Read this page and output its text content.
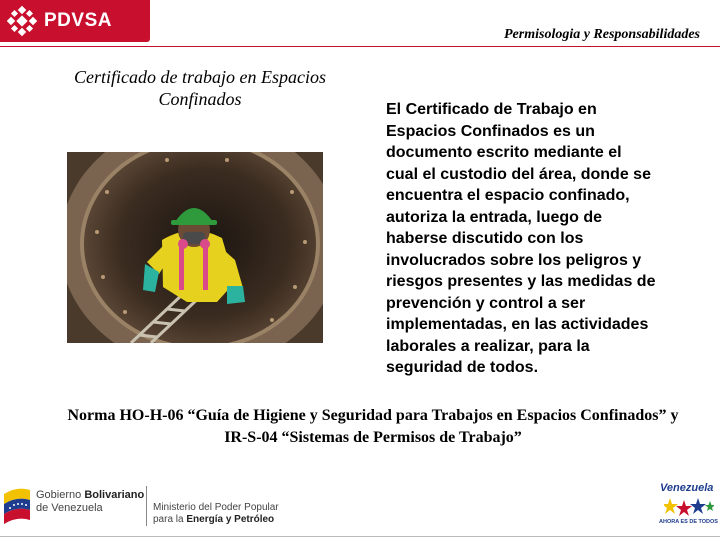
PDVSA
Permisologia y Responsabilidades
Certificado de trabajo en Espacios Confinados
El Certificado de Trabajo en Espacios Confinados es un documento escrito mediante el cual el custodio del área, donde se encuentra el espacio confinado, autoriza la entrada, luego de haberse discutido con los involucrados sobre los peligros y riesgos presentes y las medidas de prevención y control a ser implementadas, en las actividades laborales a realizar, para la seguridad de todos.
Norma HO-H-06 “Guía de Higiene y Seguridad para Trabajos en Espacios Confinados” y IR-S-04 “Sistemas de Permisos de Trabajo”
Gobierno Bolivariano
de Venezuela	Ministerio del Poder Popular
para la Energía y Petróleo
Venezuela
AHORA ES DE TODOS
